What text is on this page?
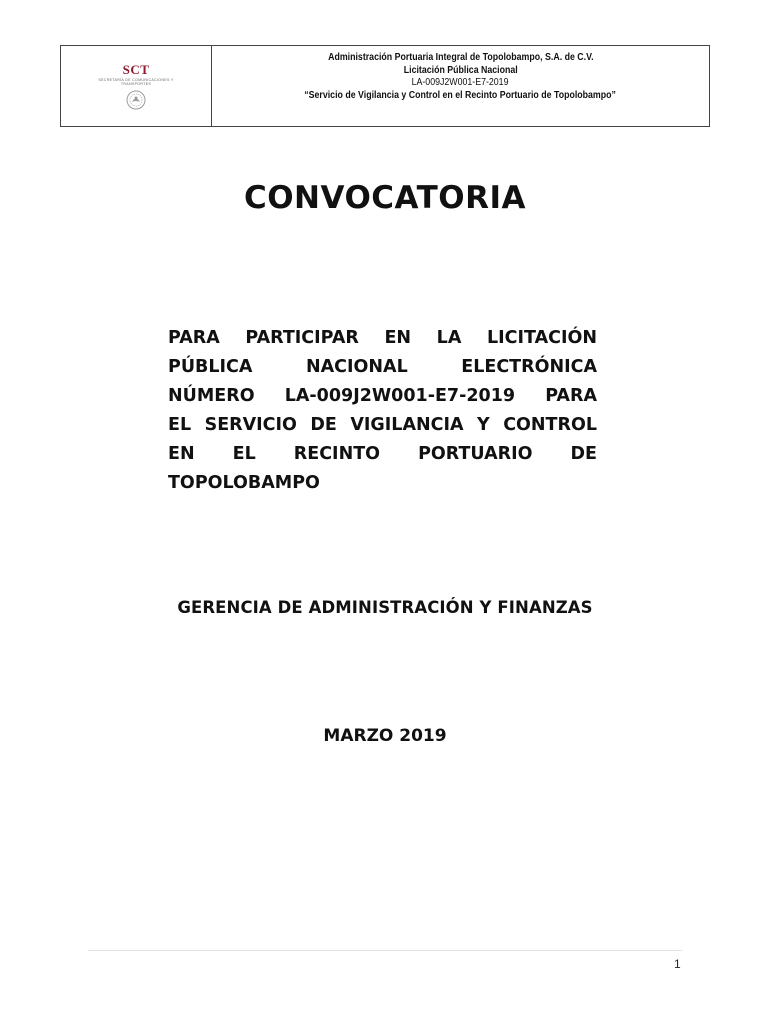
SCT
SECRETARÍA DE COMUNICACIONES Y TRANSPORTES
Administración Portuaria Integral de Topolobampo, S.A. de C.V.
Licitación Pública Nacional
LA-009J2W001-E7-2019
“Servicio de Vigilancia y Control en el Recinto Portuario de Topolobampo”
CONVOCATORIA
PARA PARTICIPAR EN LA LICITACIÓN
PÚBLICA NACIONAL ELECTRÓNICA
NÚMERO LA-009J2W001-E7-2019 PARA
EL SERVICIO DE VIGILANCIA Y CONTROL
EN EL RECINTO PORTUARIO DE
TOPOLOBAMPO
GERENCIA DE ADMINISTRACIÓN Y FINANZAS
MARZO 2019
1
